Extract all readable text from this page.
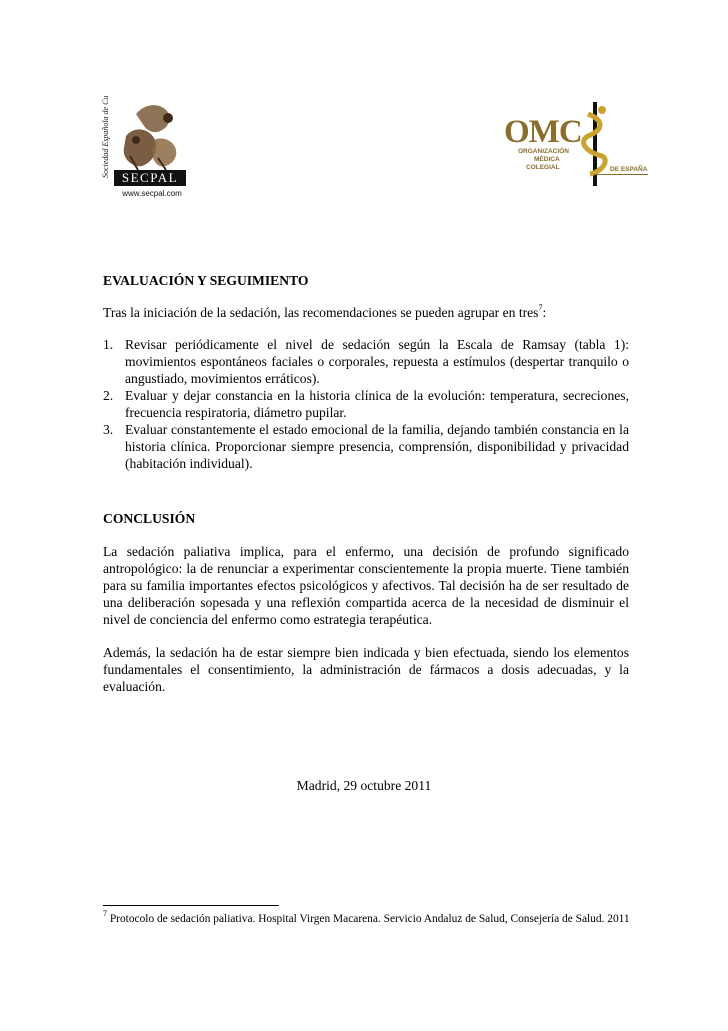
Sociedad Española de Cuidados Paliativos SECPAL
www.secpal.com
OMC
ORGANIZACIÓN
MÉDICA
COLEGIAL	DE ESPAÑA
EVALUACIÓN Y SEGUIMIENTO
Tras la iniciación de la sedación, las recomendaciones se pueden agrupar en tres$^7$:
1. Revisar periódicamente el nivel de sedación según la Escala de Ramsay (tabla 1): movimientos espontáneos faciales o corporales, repuesta a estímulos (despertar tranquilo o angustiado, movimientos erráticos).
2. Evaluar y dejar constancia en la historia clínica de la evolución: temperatura, secreciones, frecuencia respiratoria, diámetro pupilar.
3. Evaluar constantemente el estado emocional de la familia, dejando también constancia en la historia clínica. Proporcionar siempre presencia, comprensión, disponibilidad y privacidad (habitación individual).
CONCLUSIÓN
La sedación paliativa implica, para el enfermo, una decisión de profundo significado antropológico: la de renunciar a experimentar conscientemente la propia muerte. Tiene también para su familia importantes efectos psicológicos y afectivos. Tal decisión ha de ser resultado de una deliberación sopesada y una reflexión compartida acerca de la necesidad de disminuir el nivel de conciencia del enfermo como estrategia terapéutica.
Además, la sedación ha de estar siempre bien indicada y bien efectuada, siendo los elementos fundamentales el consentimiento, la administración de fármacos a dosis adecuadas, y la evaluación.
Madrid, 29 octubre 2011
$^7$ Protocolo de sedación paliativa. Hospital Virgen Macarena. Servicio Andaluz de Salud, Consejería de Salud. 2011
